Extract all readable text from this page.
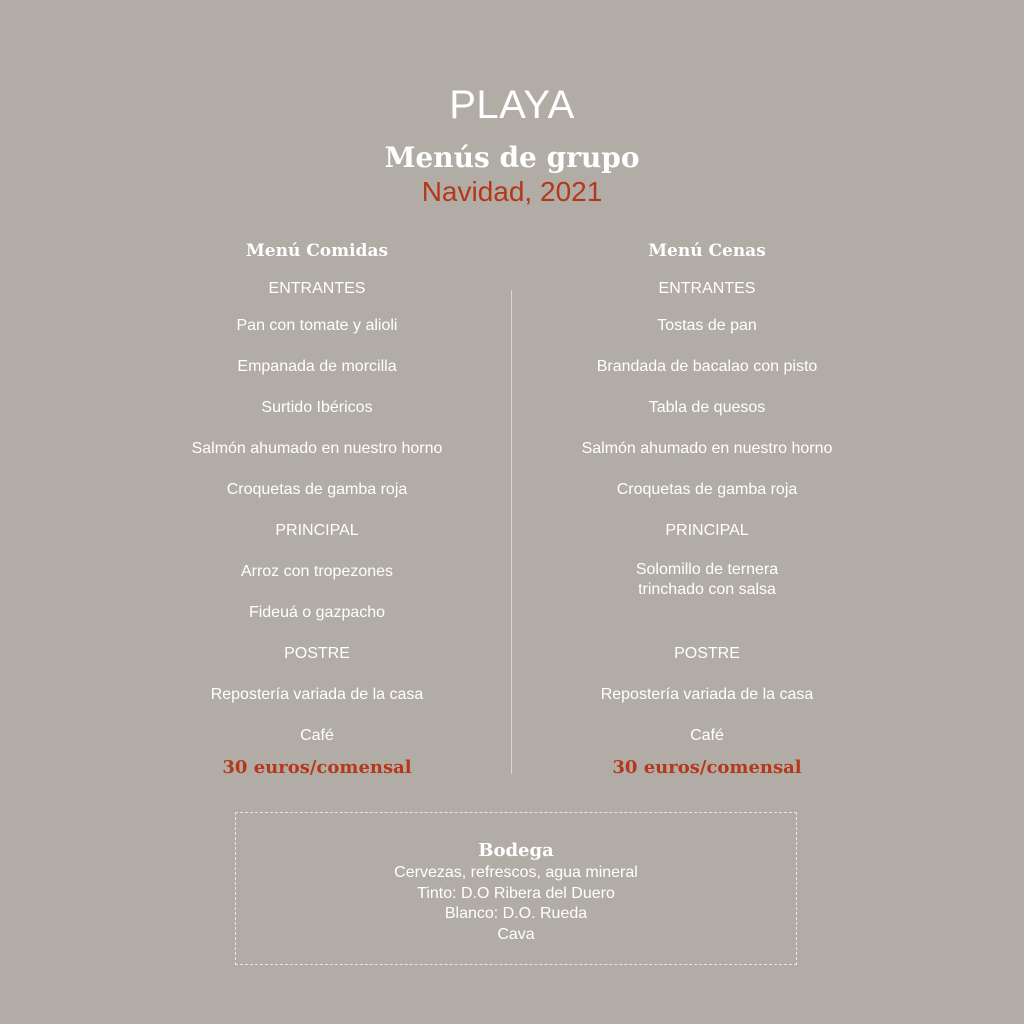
PLAYA
Menús de grupo
Navidad, 2021
Menú Comidas
ENTRANTES
Pan con tomate y alioli
Empanada de morcilla
Surtido Ibéricos
Salmón ahumado en nuestro horno
Croquetas de gamba roja
PRINCIPAL
Arroz con tropezones
Fideuá o gazpacho
POSTRE
Repostería variada de la casa
Café
30 euros/comensal
Menú Cenas
ENTRANTES
Tostas de pan
Brandada de bacalao con pisto
Tabla de quesos
Salmón ahumado en nuestro horno
Croquetas de gamba roja
PRINCIPAL
Solomillo de ternera
trinchado con salsa
POSTRE
Repostería variada de la casa
Café
30 euros/comensal
Bodega
Cervezas, refrescos, agua mineral
Tinto: D.O Ribera del Duero
Blanco: D.O. Rueda
Cava
